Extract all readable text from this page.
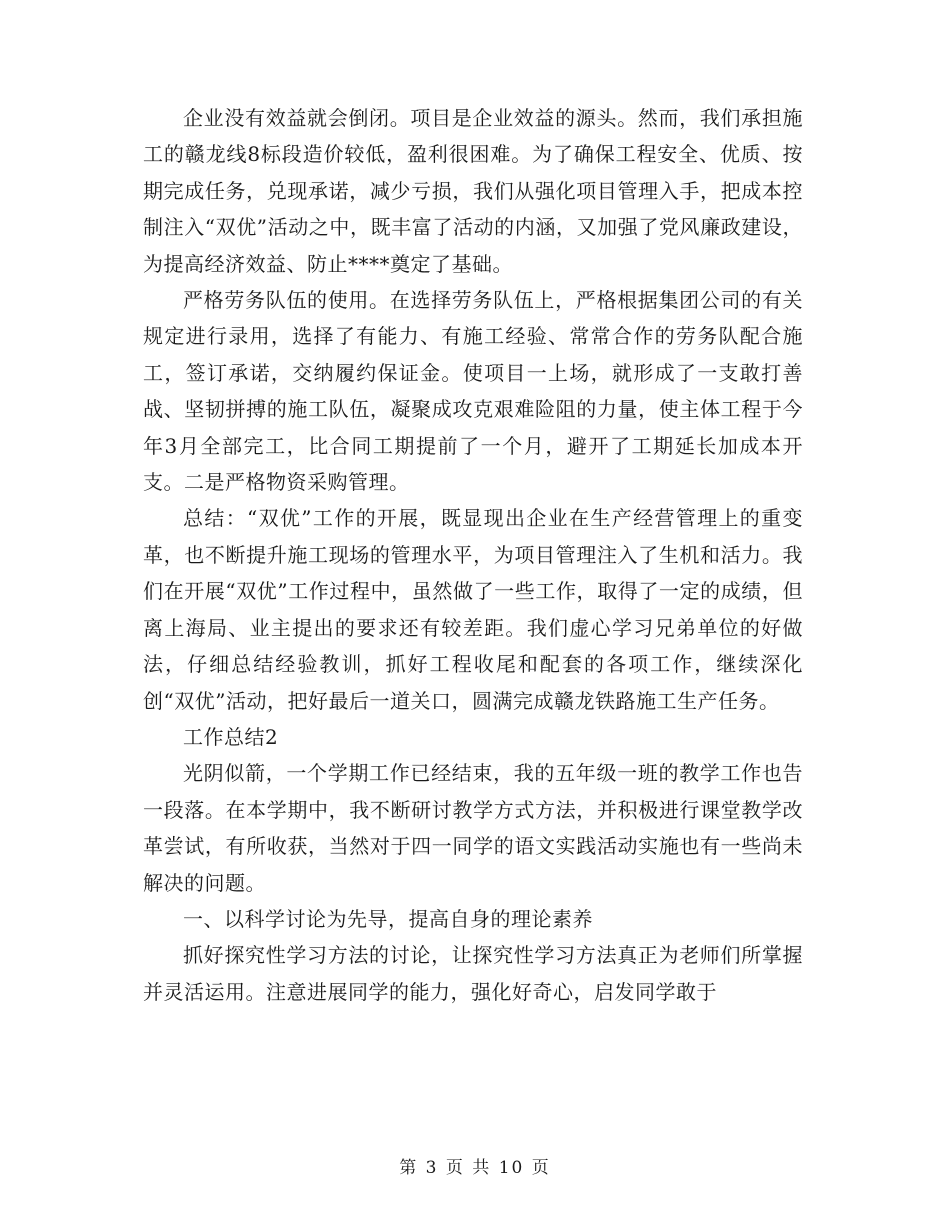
企业没有效益就会倒闭。项目是企业效益的源头。然而，我们承担施工的赣龙线8标段造价较低，盈利很困难。为了确保工程安全、优质、按期完成任务，兑现承诺，减少亏损，我们从强化项目管理入手，把成本控制注入“双优”活动之中，既丰富了活动的内涵，又加强了党风廉政建设，为提高经济效益、防止****奠定了基础。

严格劳务队伍的使用。在选择劳务队伍上，严格根据集团公司的有关规定进行录用，选择了有能力、有施工经验、常常合作的劳务队配合施工，签订承诺，交纳履约保证金。使项目一上场，就形成了一支敢打善战、坚韧拼搏的施工队伍，凝聚成攻克艰难险阻的力量，使主体工程于今年3月全部完工，比合同工期提前了一个月，避开了工期延长加成本开支。二是严格物资采购管理。

总结：“双优”工作的开展，既显现出企业在生产经营管理上的重变革，也不断提升施工现场的管理水平，为项目管理注入了生机和活力。我们在开展“双优”工作过程中，虽然做了一些工作，取得了一定的成绩，但离上海局、业主提出的要求还有较差距。我们虚心学习兄弟单位的好做法，仔细总结经验教训，抓好工程收尾和配套的各项工作，继续深化创“双优”活动，把好最后一道关口，圆满完成赣龙铁路施工生产任务。

工作总结2

光阴似箭，一个学期工作已经结束，我的五年级一班的教学工作也告一段落。在本学期中，我不断研讨教学方式方法，并积极进行课堂教学改革尝试，有所收获，当然对于四一同学的语文实践活动实施也有一些尚未解决的问题。

一、以科学讨论为先导，提高自身的理论素养

抓好探究性学习方法的讨论，让探究性学习方法真正为老师们所掌握并灵活运用。注意进展同学的能力，强化好奇心，启发同学敢于

第 3 页 共 10 页
